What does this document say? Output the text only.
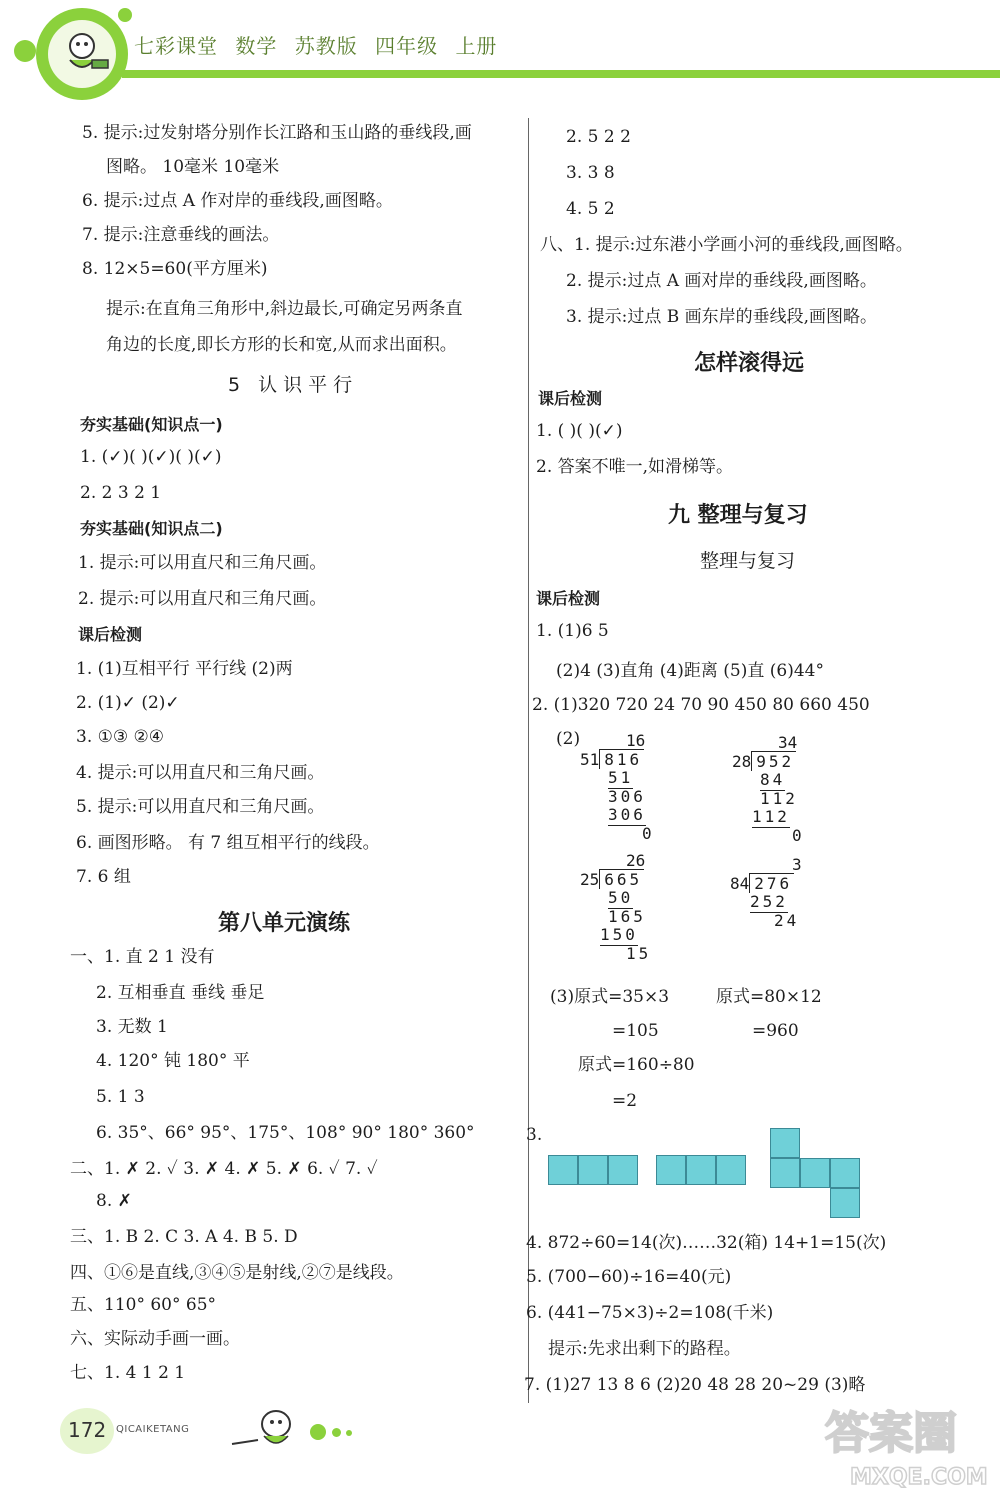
七彩课堂 数学 苏教版 四年级 上册
5. 提示:过发射塔分别作长江路和玉山路的垂线段,画
图略。 10毫米 10毫米
6. 提示:过点 A 作对岸的垂线段,画图略。
7. 提示:注意垂线的画法。
8. 12×5=60(平方厘米)
提示:在直角三角形中,斜边最长,可确定另两条直
角边的长度,即长方形的长和宽,从而求出面积。
5 认识平行
夯实基础(知识点一)
1. (✓)( )(✓)( )(✓)
2. 2 3 2 1
夯实基础(知识点二)
1. 提示:可以用直尺和三角尺画。
2. 提示:可以用直尺和三角尺画。
课后检测
1. (1)互相平行 平行线 (2)两
2. (1)✓ (2)✓
3. ①③ ②④
4. 提示:可以用直尺和三角尺画。
5. 提示:可以用直尺和三角尺画。
6. 画图形略。 有 7 组互相平行的线段。
7. 6 组
第八单元演练
一、1. 直 2 1 没有
2. 互相垂直 垂线 垂足
3. 无数 1
4. 120° 钝 180° 平
5. 1 3
6. 35°、66° 95°、175°、108° 90° 180° 360°
二、1. ✗ 2. ✓ 3. ✗ 4. ✗ 5. ✗ 6. ✓ 7. ✓
8. ✗
三、1. B 2. C 3. A 4. B 5. D
四、①⑥是直线,③④⑤是射线,②⑦是线段。
五、110° 60° 65°
六、实际动手画一画。
七、1. 4 1 2 1
2. 5 2 2
3. 3 8
4. 5 2
八、1. 提示:过东港小学画小河的垂线段,画图略。
2. 提示:过点 A 画对岸的垂线段,画图略。
3. 提示:过点 B 画东岸的垂线段,画图略。
怎样滚得远
课后检测
1. ( )( )(✓)
2. 答案不唯一,如滑梯等。
九 整理与复习
整理与复习
课后检测
1. (1)6 5
(2)4 (3)直角 (4)距离 (5)直 (6)44°
2. (1)320 720 24 70 90 450 80 660 450
(2)	16
51 816
51
306
306
0
34
28 952
84
112
112
0
26
25 665
50
165
150
15
3
84 276
252
24
(3)原式=35×3	原式=80×12
=105	=960
原式=160÷80
=2
3.
4. 872÷60=14(次)……32(箱) 14+1=15(次)
5. (700−60)÷16=40(元)
6. (441−75×3)÷2=108(千米)
提示:先求出剩下的路程。
7. (1)27 13 8 6 (2)20 48 28 20~29 (3)略
172 QICAIKETANG	答案圈
MXQE.COM
